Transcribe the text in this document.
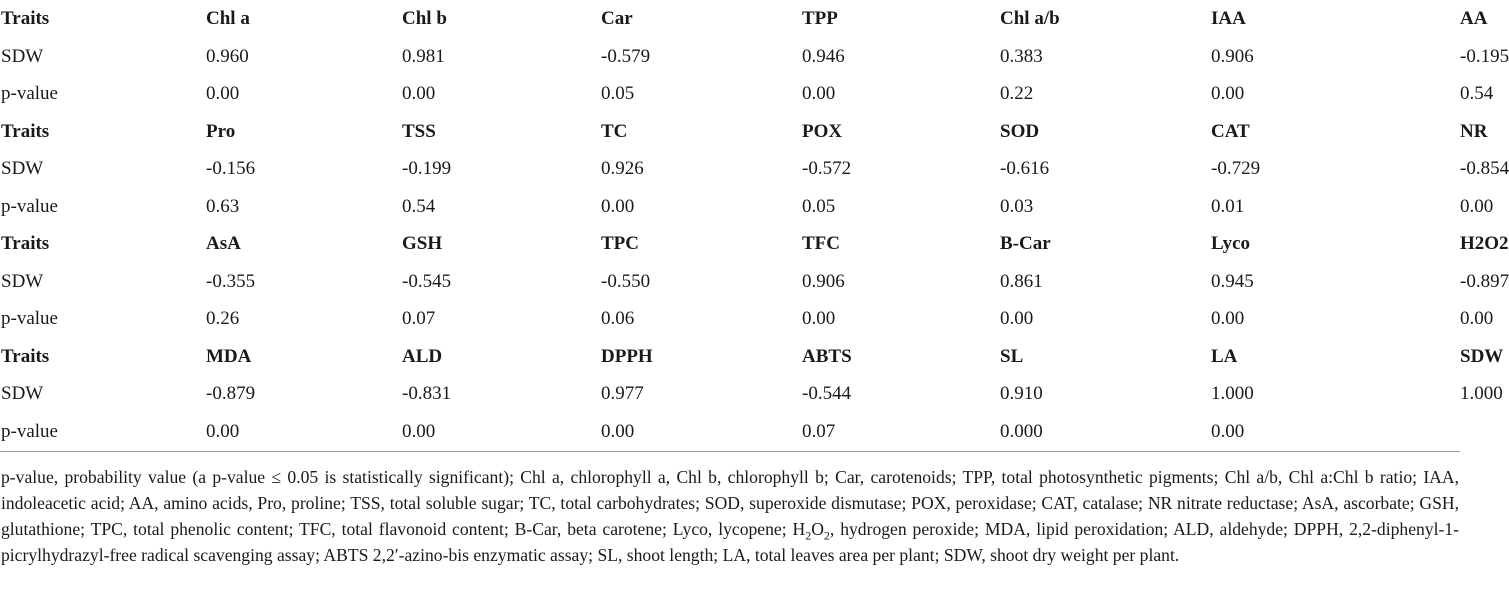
Traits	Chl a	Chl b	Car	TPP	Chl a/b	IAA	AA
SDW	0.960	0.981	-0.579	0.946	0.383	0.906	-0.195
p-value	0.00	0.00	0.05	0.00	0.22	0.00	0.54
Traits	Pro	TSS	TC	POX	SOD	CAT	NR
SDW	-0.156	-0.199	0.926	-0.572	-0.616	-0.729	-0.854
p-value	0.63	0.54	0.00	0.05	0.03	0.01	0.00
Traits	AsA	GSH	TPC	TFC	B-Car	Lyco	H2O2
SDW	-0.355	-0.545	-0.550	0.906	0.861	0.945	-0.897
p-value	0.26	0.07	0.06	0.00	0.00	0.00	0.00
Traits	MDA	ALD	DPPH	ABTS	SL	LA	SDW
SDW	-0.879	-0.831	0.977	-0.544	0.910	1.000	1.000
p-value	0.00	0.00	0.00	0.07	0.000	0.00	

p-value, probability value (a p-value ≤ 0.05 is statistically significant); Chl a, chlorophyll a, Chl b, chlorophyll b; Car, carotenoids; TPP, total photosynthetic pigments; Chl a/b, Chl a:Chl b ratio; IAA, indoleacetic acid; AA, amino acids, Pro, proline; TSS, total soluble sugar; TC, total carbohydrates; SOD, superoxide dismutase; POX, peroxidase; CAT, catalase; NR nitrate reductase; AsA, ascorbate; GSH, glutathione; TPC, total phenolic content; TFC, total flavonoid content; B-Car, beta carotene; Lyco, lycopene; $H_2O_2$, hydrogen peroxide; MDA, lipid peroxidation; ALD, aldehyde; DPPH, 2,2-diphenyl-1-picrylhydrazyl-free radical scavenging assay; ABTS 2,2′-azino-bis enzymatic assay; SL, shoot length; LA, total leaves area per plant; SDW, shoot dry weight per plant.
